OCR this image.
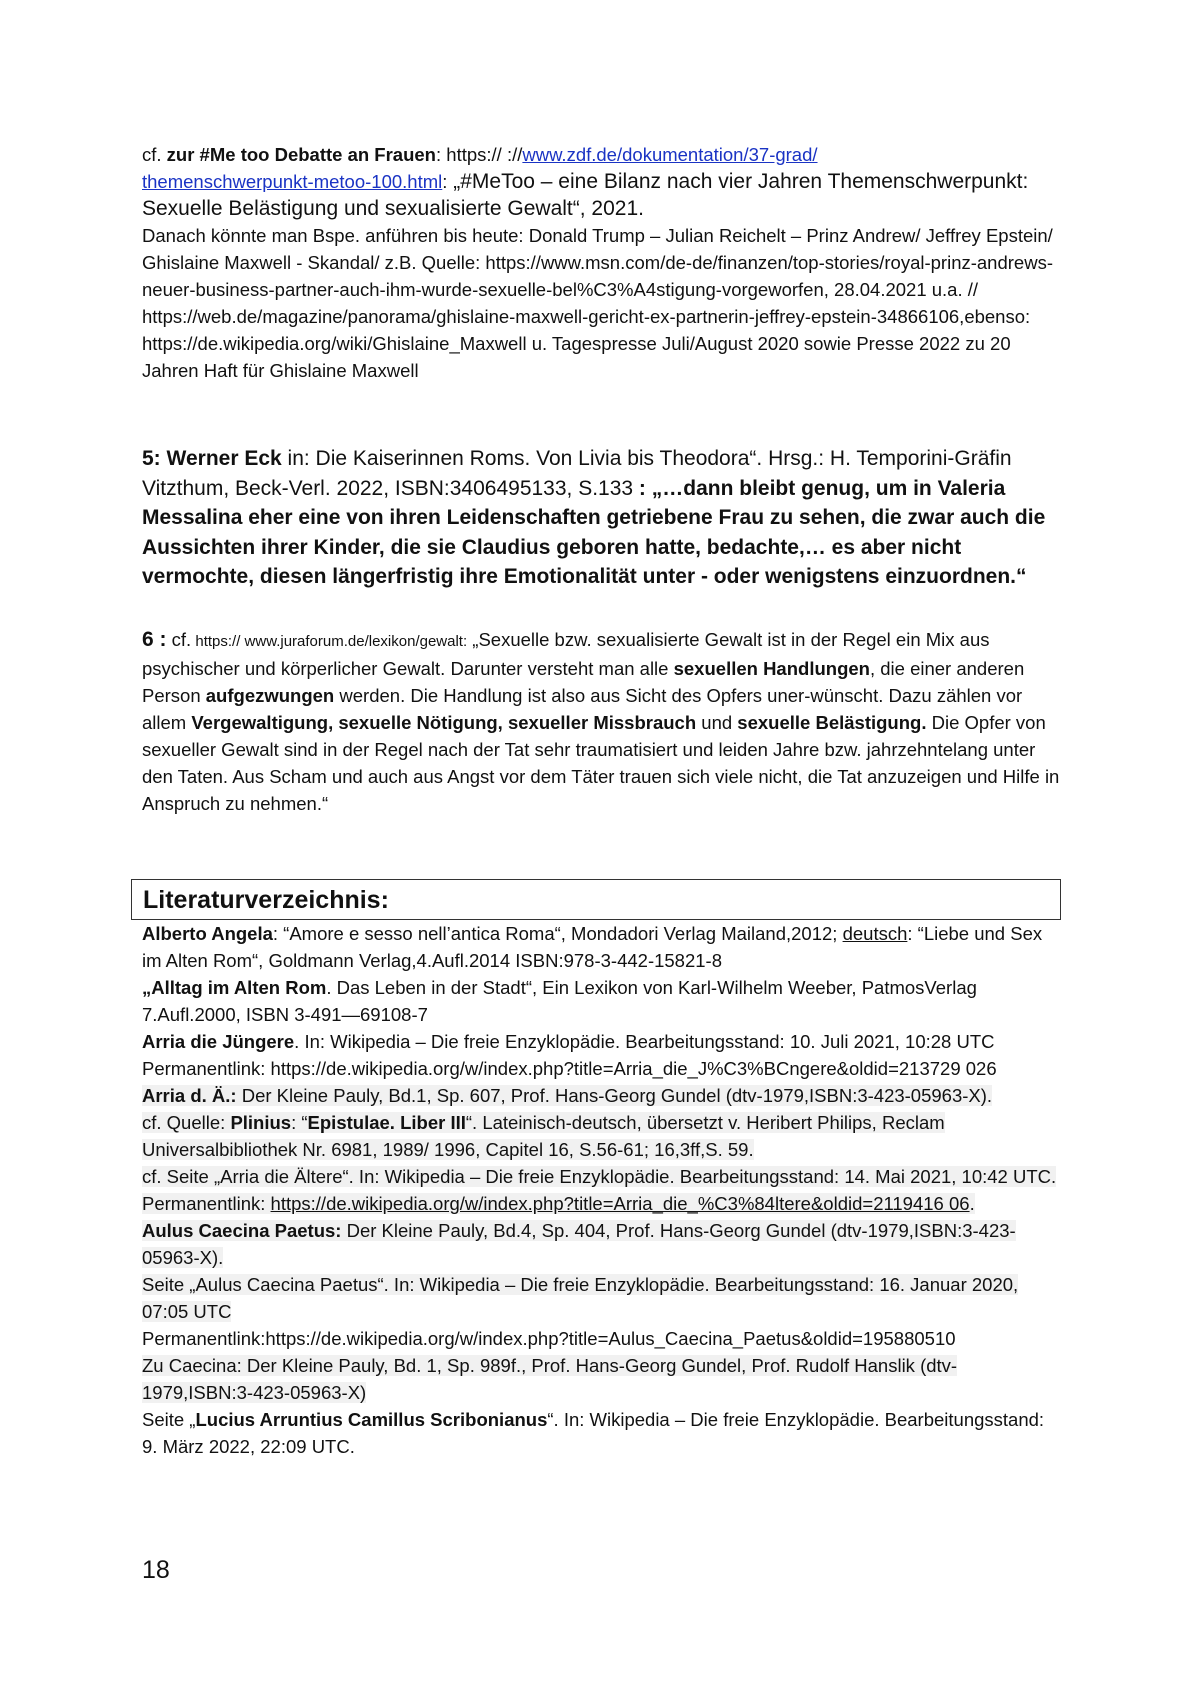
cf. zur #Me too Debatte an Frauen: https:// ://www.zdf.de/dokumentation/37-grad/
themenschwerpunkt-metoo-100.html: „#MeToo – eine Bilanz nach vier Jahren Themenschwerpunkt: Sexuelle Belästigung und sexualisierte Gewalt“, 2021.
Danach könnte man Bspe. anführen bis heute: Donald Trump – Julian Reichelt – Prinz Andrew/ Jeffrey Epstein/ Ghislaine Maxwell - Skandal/ z.B. Quelle: https://www.msn.com/de-de/finanzen/top-stories/royal-prinz-andrews-neuer-business-partner-auch-ihm-wurde-sexuelle-bel%C3%A4stigung-vorgeworfen, 28.04.2021 u.a. // https://web.de/magazine/panorama/ghislaine-maxwell-gericht-ex-partnerin-jeffrey-epstein-34866106,ebenso: https://de.wikipedia.org/wiki/Ghislaine_Maxwell u. Tagespresse Juli/August 2020 sowie Presse 2022 zu 20 Jahren Haft für Ghislaine Maxwell
5: Werner Eck in: Die Kaiserinnen Roms. Von Livia bis Theodora“. Hrsg.: H. Temporini-Gräfin Vitzthum, Beck-Verl. 2022, ISBN:3406495133, S.133 : „…dann bleibt genug, um in Valeria Messalina eher eine von ihren Leidenschaften getriebene Frau zu sehen, die zwar auch die Aussichten ihrer Kinder, die sie Claudius geboren hatte, bedachte,… es aber nicht vermochte, diesen längerfristig ihre Emotionalität unter - oder wenigstens einzuordnen.“
6 : cf. https:// www.juraforum.de/lexikon/gewalt: „Sexuelle bzw. sexualisierte Gewalt ist in der Regel ein Mix aus psychischer und körperlicher Gewalt. Darunter versteht man alle sexuellen Handlungen, die einer anderen Person aufgezwungen werden. Die Handlung ist also aus Sicht des Opfers uner-wünscht. Dazu zählen vor allem Vergewaltigung, sexuelle Nötigung, sexueller Missbrauch und sexuelle Belästigung. Die Opfer von sexueller Gewalt sind in der Regel nach der Tat sehr traumatisiert und leiden Jahre bzw. jahrzehntelang unter den Taten. Aus Scham und auch aus Angst vor dem Täter trauen sich viele nicht, die Tat anzuzeigen und Hilfe in Anspruch zu nehmen.“
Literaturverzeichnis:
Alberto Angela: “Amore e sesso nell’antica Roma“, Mondadori Verlag Mailand,2012; deutsch: “Liebe und Sex im Alten Rom“, Goldmann Verlag,4.Aufl.2014 ISBN:978-3-442-15821-8
„Alltag im Alten Rom. Das Leben in der Stadt“, Ein Lexikon von Karl-Wilhelm Weeber, PatmosVerlag 7.Aufl.2000, ISBN 3-491—69108-7
Arria die Jüngere. In: Wikipedia – Die freie Enzyklopädie. Bearbeitungsstand: 10. Juli 2021, 10:28 UTC Permanentlink: https://de.wikipedia.org/w/index.php?title=Arria_die_J%C3%BCngere&oldid=213729 026
Arria d. Ä.: Der Kleine Pauly, Bd.1, Sp. 607, Prof. Hans-Georg Gundel (dtv-1979,ISBN:3-423-05963-X).
cf. Quelle: Plinius: “Epistulae. Liber III“. Lateinisch-deutsch, übersetzt v. Heribert Philips, Reclam Universalbibliothek Nr. 6981, 1989/ 1996, Capitel 16, S.56-61; 16,3ff,S. 59.
cf. Seite „Arria die Ältere“. In: Wikipedia – Die freie Enzyklopädie. Bearbeitungsstand: 14. Mai 2021, 10:42 UTC.
Permanentlink: https://de.wikipedia.org/w/index.php?title=Arria_die_%C3%84ltere&oldid=2119416 06.
Aulus Caecina Paetus: Der Kleine Pauly, Bd.4, Sp. 404, Prof. Hans-Georg Gundel (dtv-1979,ISBN:3-423-05963-X).
Seite „Aulus Caecina Paetus“. In: Wikipedia – Die freie Enzyklopädie. Bearbeitungsstand: 16. Januar 2020, 07:05 UTC
Permanentlink:https://de.wikipedia.org/w/index.php?title=Aulus_Caecina_Paetus&oldid=195880510
Zu Caecina: Der Kleine Pauly, Bd. 1, Sp. 989f., Prof. Hans-Georg Gundel, Prof. Rudolf Hanslik (dtv-1979,ISBN:3-423-05963-X)
Seite „Lucius Arruntius Camillus Scribonianus“. In: Wikipedia – Die freie Enzyklopädie. Bearbeitungsstand: 9. März 2022, 22:09 UTC.
18
